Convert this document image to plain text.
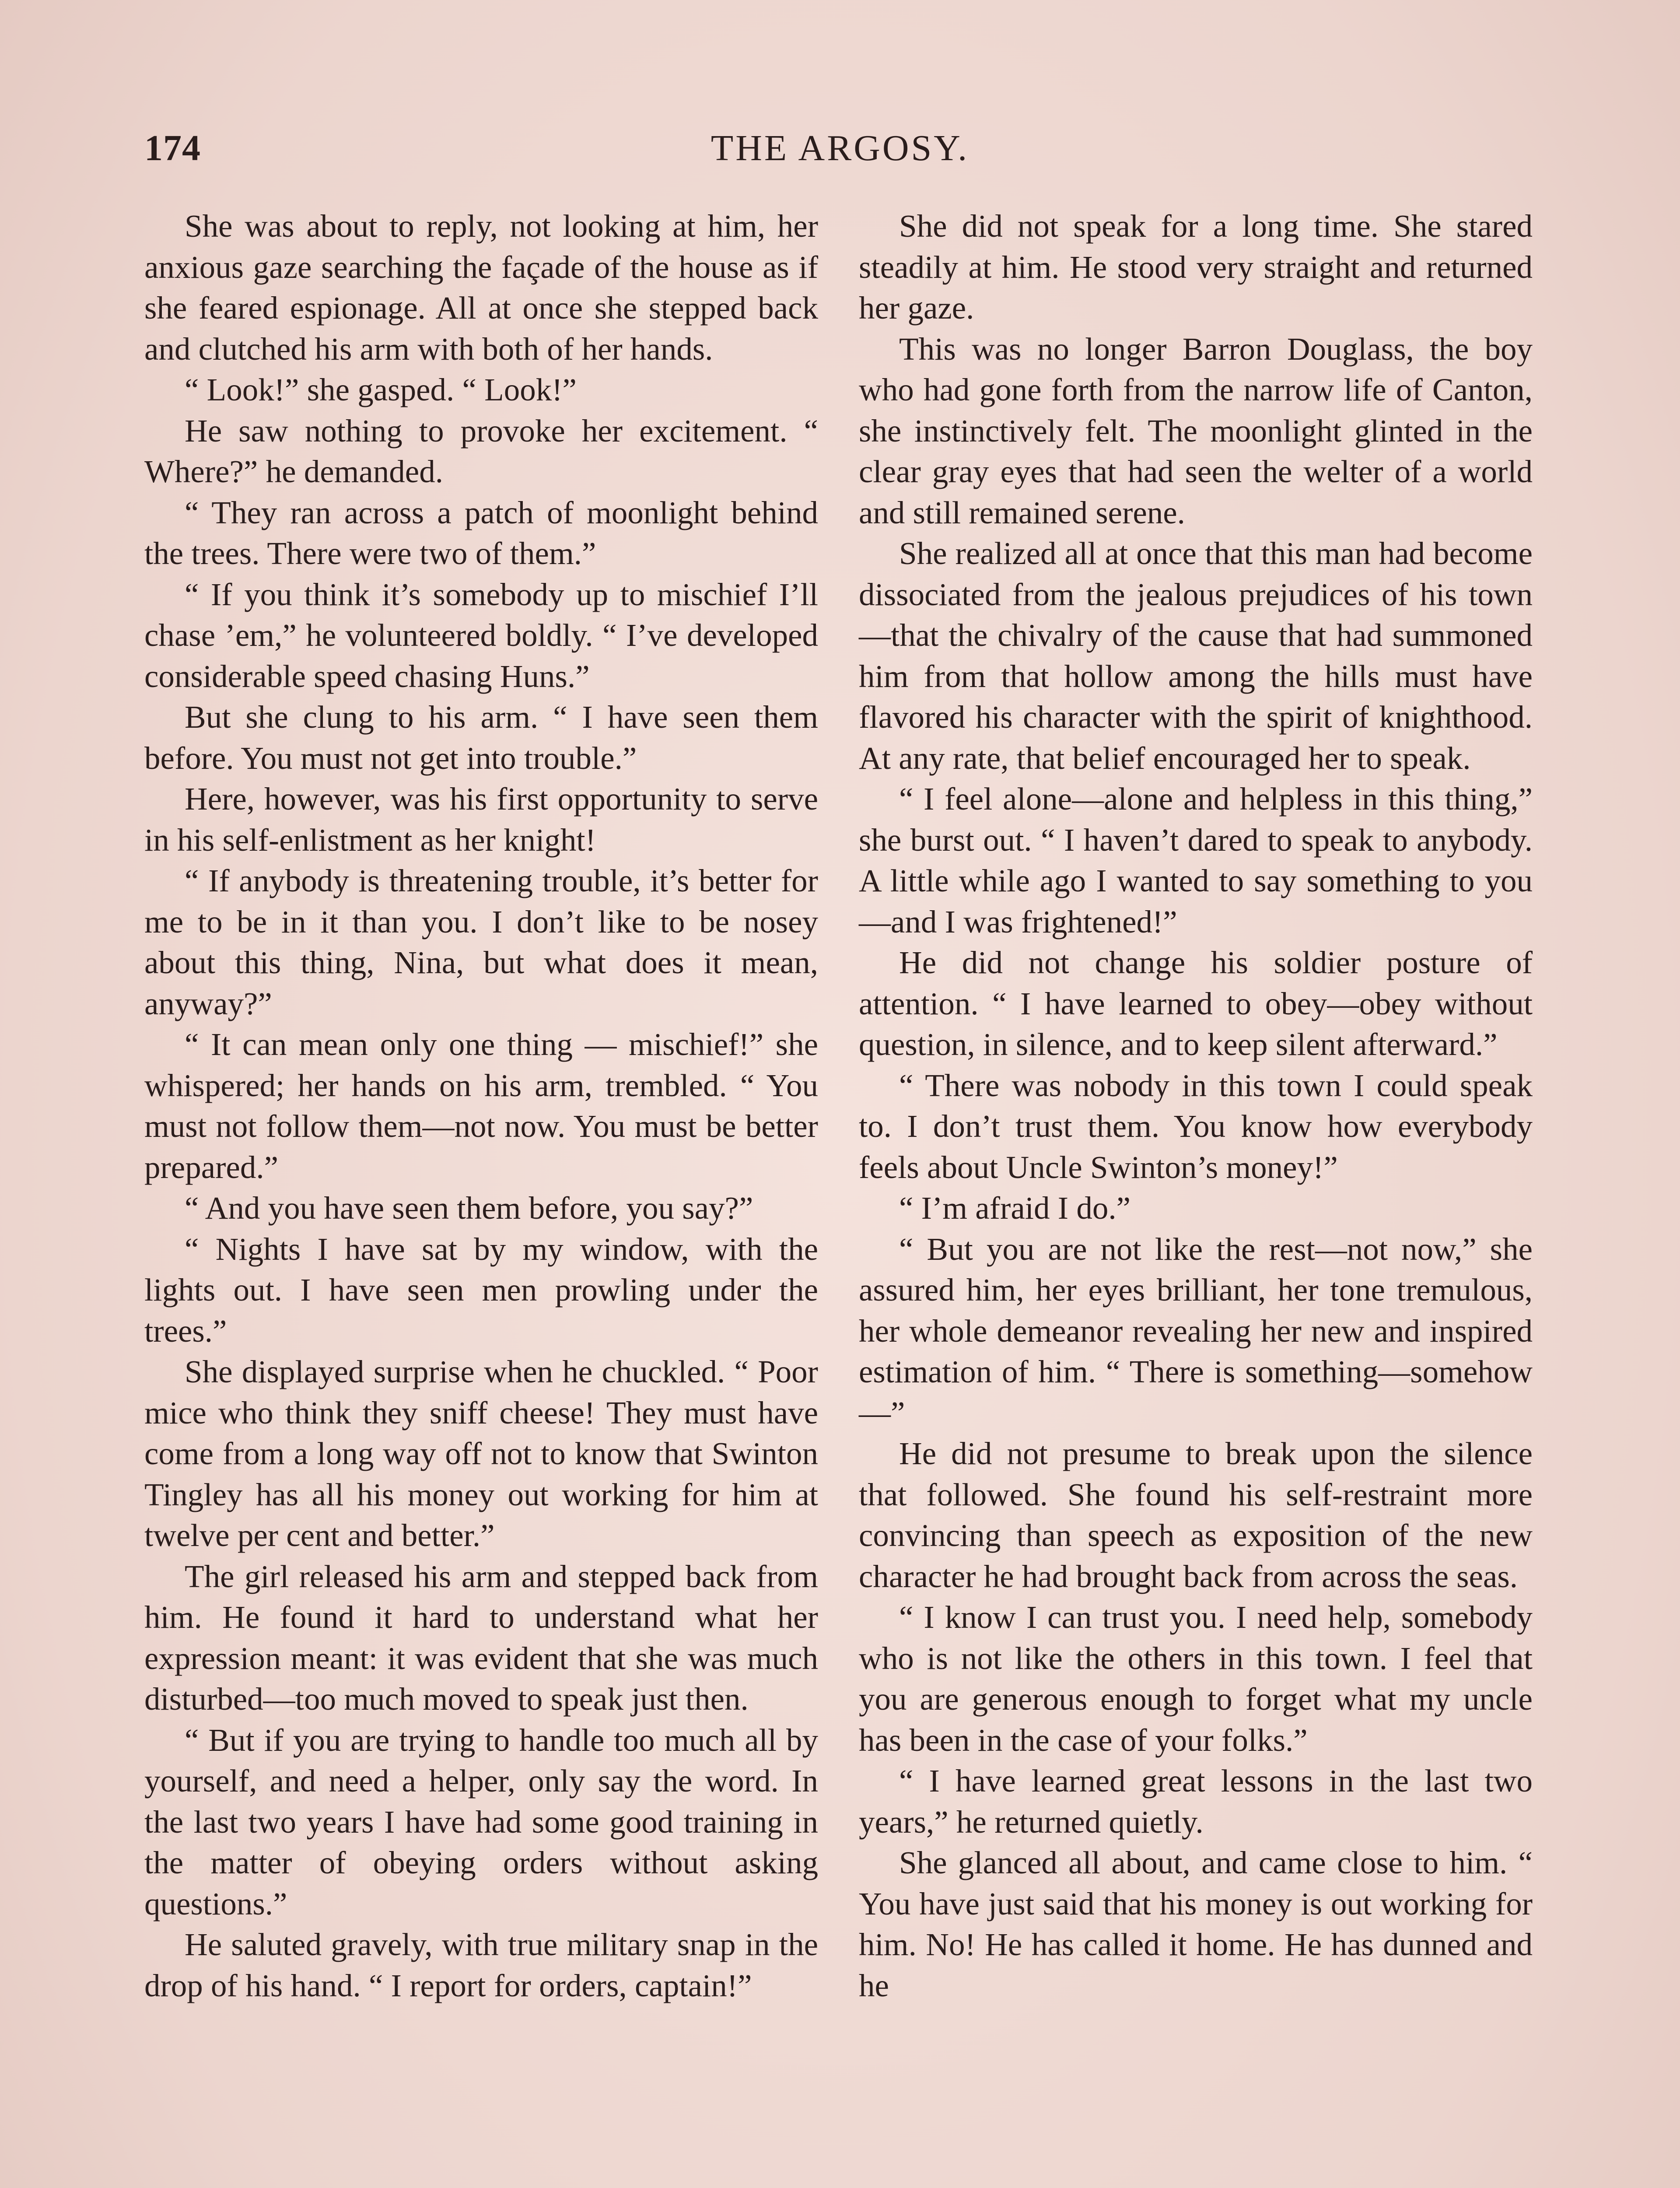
174	THE ARGOSY.

She was about to reply, not looking at him, her anxious gaze searching the façade of the house as if she feared espionage. All at once she stepped back and clutched his arm with both of her hands.

“ Look!” she gasped. “ Look!”

He saw nothing to provoke her excitement. “ Where?” he demanded.

“ They ran across a patch of moonlight behind the trees. There were two of them.”

“ If you think it’s somebody up to mischief I’ll chase ’em,” he volunteered boldly. “ I’ve developed considerable speed chasing Huns.”

But she clung to his arm. “ I have seen them before. You must not get into trouble.”

Here, however, was his first opportunity to serve in his self-enlistment as her knight!

“ If anybody is threatening trouble, it’s better for me to be in it than you. I don’t like to be nosey about this thing, Nina, but what does it mean, anyway?”

“ It can mean only one thing — mischief!” she whispered; her hands on his arm, trembled. “ You must not follow them—not now. You must be better prepared.”

“ And you have seen them before, you say?”

“ Nights I have sat by my window, with the lights out. I have seen men prowling under the trees.”

She displayed surprise when he chuckled. “ Poor mice who think they sniff cheese! They must have come from a long way off not to know that Swinton Tingley has all his money out working for him at twelve per cent and better.”

The girl released his arm and stepped back from him. He found it hard to understand what her expression meant: it was evident that she was much disturbed—too much moved to speak just then.

“ But if you are trying to handle too much all by yourself, and need a helper, only say the word. In the last two years I have had some good training in the matter of obeying orders without asking questions.”

He saluted gravely, with true military snap in the drop of his hand. “ I report for orders, captain!”

She did not speak for a long time. She stared steadily at him. He stood very straight and returned her gaze.

This was no longer Barron Douglass, the boy who had gone forth from the narrow life of Canton, she instinctively felt. The moonlight glinted in the clear gray eyes that had seen the welter of a world and still remained serene.

She realized all at once that this man had become dissociated from the jealous prejudices of his town—that the chivalry of the cause that had summoned him from that hollow among the hills must have flavored his character with the spirit of knighthood. At any rate, that belief encouraged her to speak.

“ I feel alone—alone and helpless in this thing,” she burst out. “ I haven’t dared to speak to anybody. A little while ago I wanted to say something to you—and I was frightened!”

He did not change his soldier posture of attention. “ I have learned to obey—obey without question, in silence, and to keep silent afterward.”

“ There was nobody in this town I could speak to. I don’t trust them. You know how everybody feels about Uncle Swinton’s money!”

“ I’m afraid I do.”

“ But you are not like the rest—not now,” she assured him, her eyes brilliant, her tone tremulous, her whole demeanor revealing her new and inspired estimation of him. “ There is something—somehow—”

He did not presume to break upon the silence that followed. She found his self-restraint more convincing than speech as exposition of the new character he had brought back from across the seas.

“ I know I can trust you. I need help, somebody who is not like the others in this town. I feel that you are generous enough to forget what my uncle has been in the case of your folks.”

“ I have learned great lessons in the last two years,” he returned quietly.

She glanced all about, and came close to him. “ You have just said that his money is out working for him. No! He has called it home. He has dunned and he
